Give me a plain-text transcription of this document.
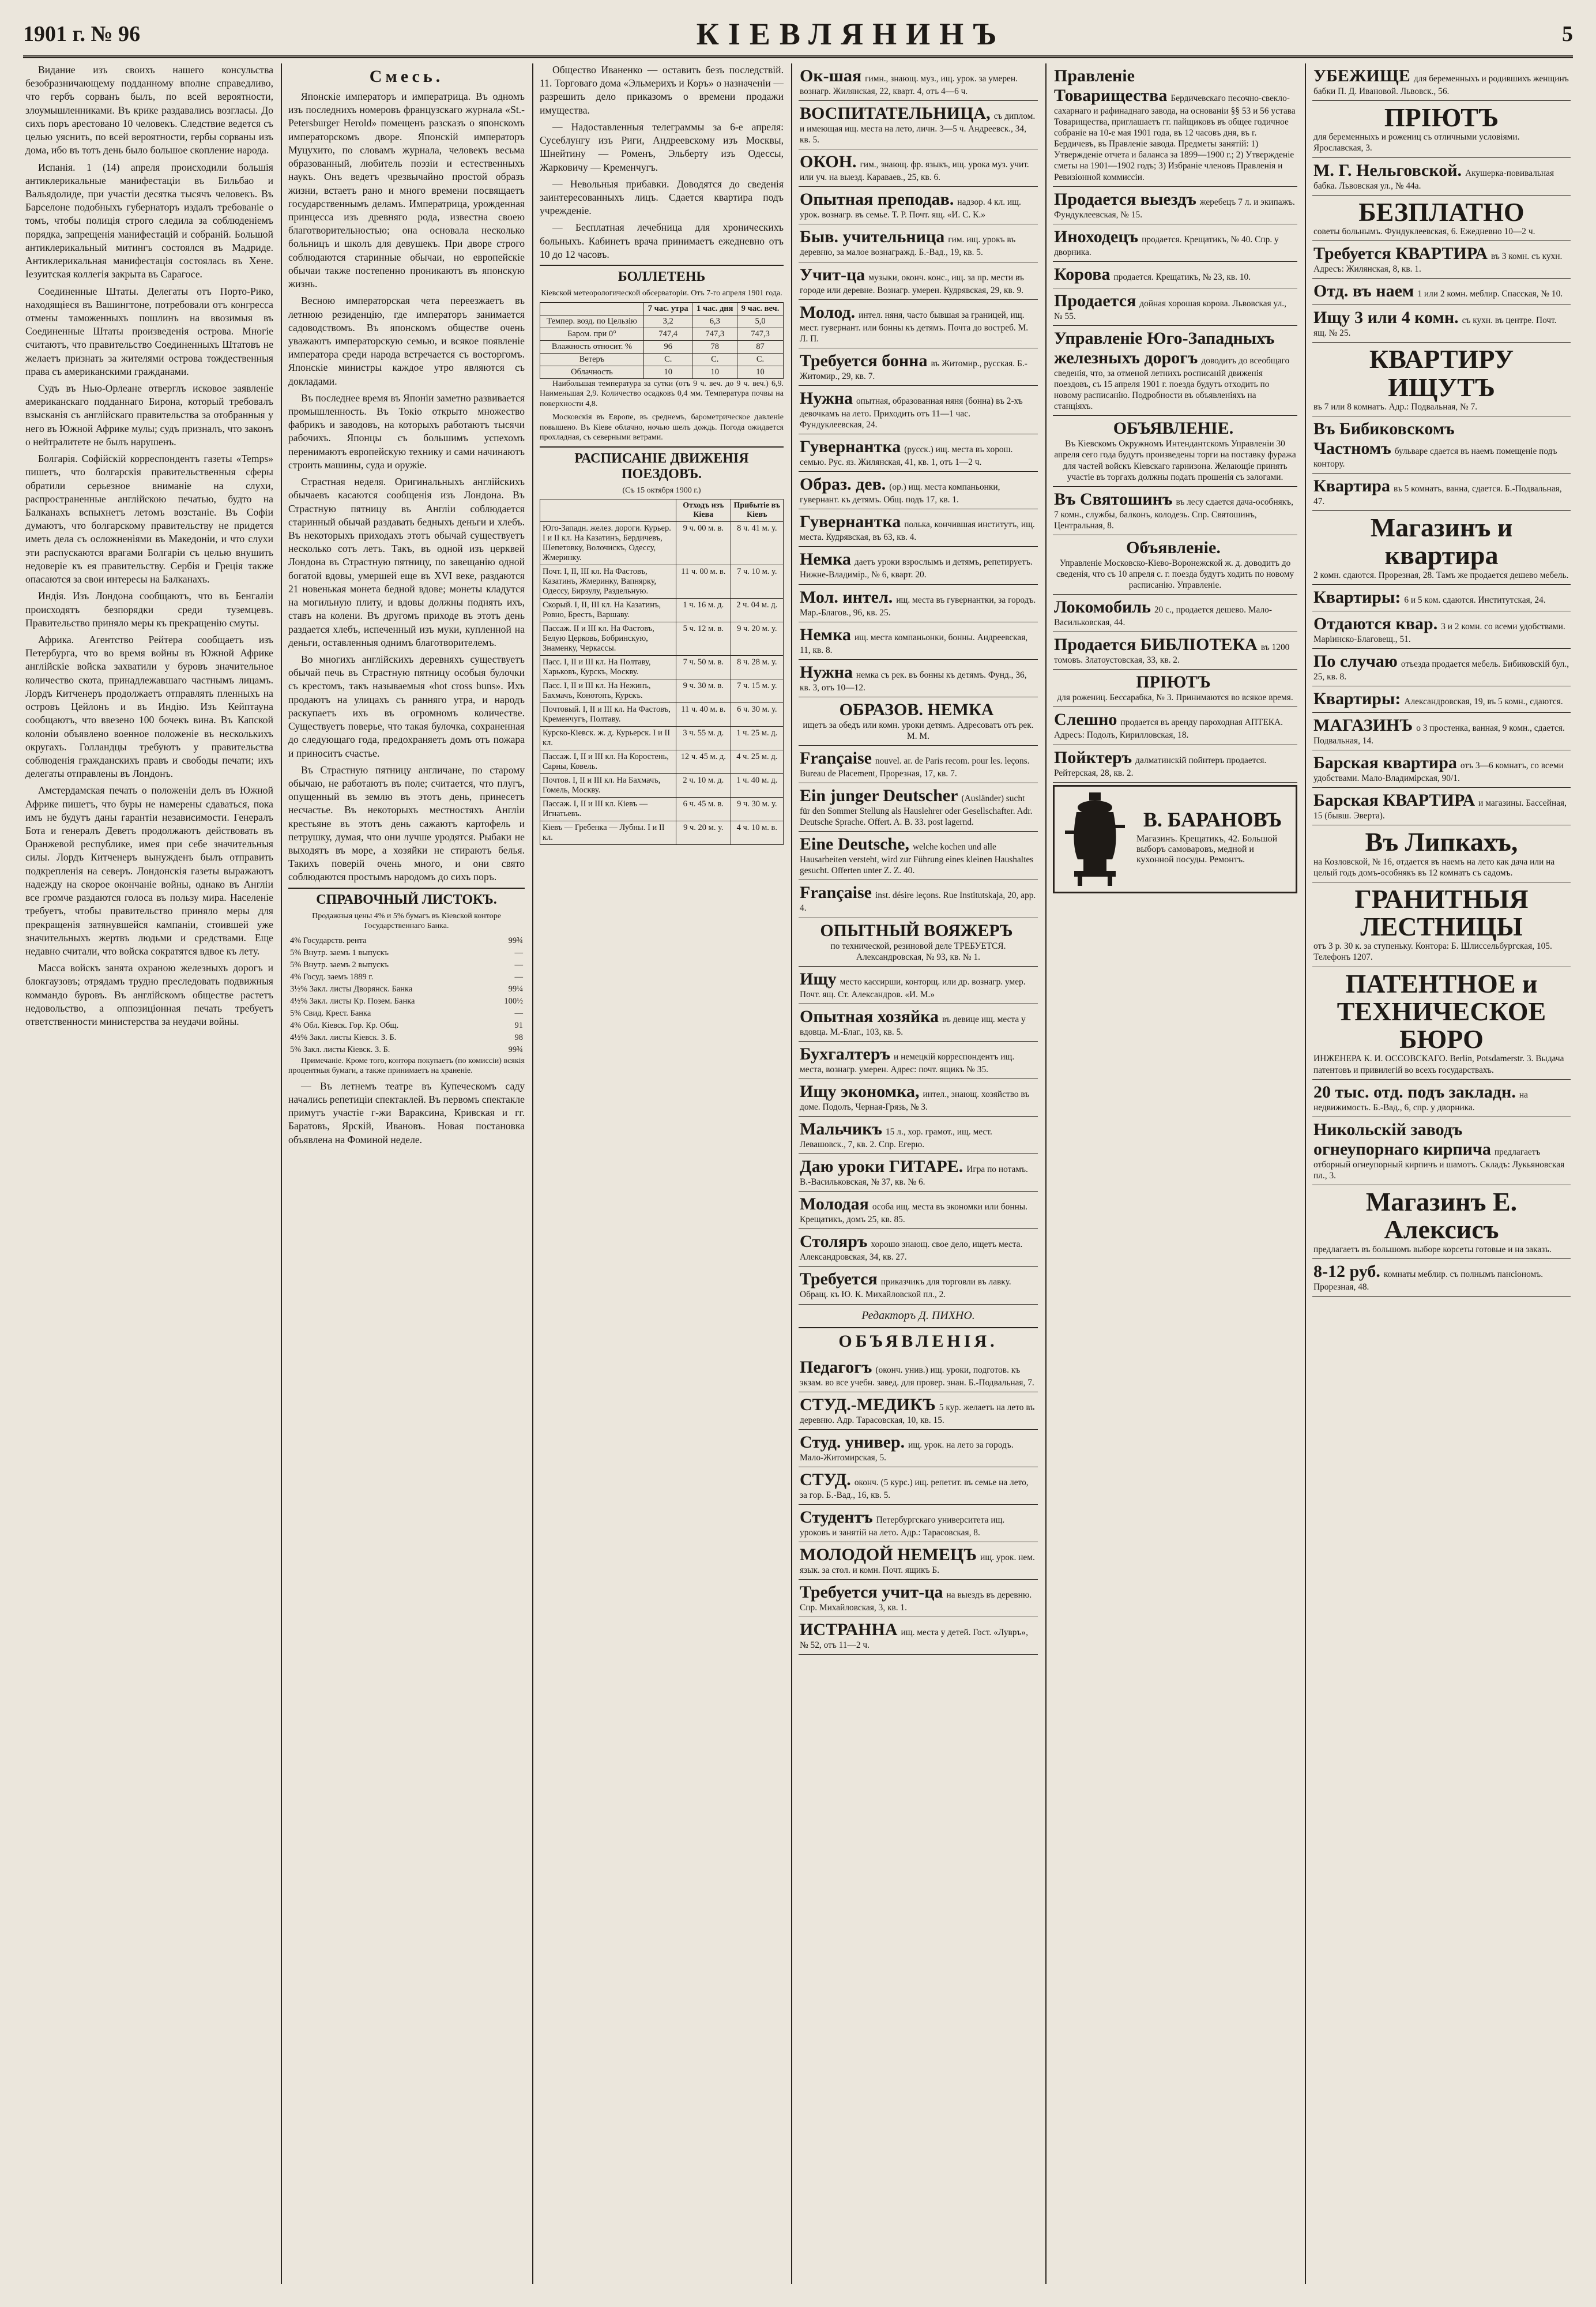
1901 г. № 96	КІЕВЛЯНИНЪ	5

Видание изъ своихъ нашего консульства безобразничающему подданному вполне справедливо, что гербъ сорванъ былъ, по всей вероятности, злоумышленниками. Въ крике раздавались возгласы. До сихъ поръ арестовано 10 человекъ. Следствие ведется съ целью уяснить, по всей вероятности, гербы сорваны изъ дома, ибо въ тотъ день было большое скопление народа.

Испанія. 1 (14) апреля происходили большія антиклерикальные манифестаціи въ Бильбао и Вальядолиде, при участіи десятка тысячъ человекъ. Въ Барселоне подобныхъ губернаторъ издалъ требованіе о томъ, чтобы полиція строго следила за соблюденіемъ порядка, запрещенія манифестацій и собраній. Большой антиклерикальный митингъ состоялся въ Мадриде. Антиклерикальная манифестація состоялась въ Хене. Іезуитская коллегія закрыта въ Сарагосе.

Соединенные Штаты. Делегаты отъ Порто-Рико, находящіеся въ Вашингтоне, потребовали отъ конгресса отмены таможенныхъ пошлинъ на ввозимыя въ Соединенные Штаты произведенія острова. Многіе считаютъ, что правительство Соединенныхъ Штатовъ не желаетъ признать за жителями острова тождественныя права съ американскими гражданами.

Судъ въ Нью-Орлеане отверглъ исковое заявленіе американскаго подданнаго Бирона, который требовалъ взысканія съ англійскаго правительства за отобранныя у него въ Южной Африке мулы; судъ призналъ, что законъ о нейтралитете не былъ нарушенъ.

Болгарія. Софійскій корреспондентъ газеты «Temps» пишетъ, что болгарскія правительственныя сферы обратили серьезное вниманіе на слухи, распространенные англійскою печатью, будто на Балканахъ вспыхнетъ летомъ возстаніе. Въ Софіи думаютъ, что болгарскому правительству не придется иметь дела съ осложненіями въ Македоніи, и что слухи эти распускаются врагами Болгаріи съ целью внушить недоверіе къ ея правительству. Сербія и Греція также опасаются за свои интересы на Балканахъ.

Индія. Изъ Лондона сообщаютъ, что въ Бенгаліи происходятъ безпорядки среди туземцевъ. Правительство приняло меры къ прекращенію смуты.

Африка. Агентство Рейтера сообщаетъ изъ Петербурга, что во время войны въ Южной Африке англійскіе войска захватили у буровъ значительное количество скота, принадлежавшаго частнымъ лицамъ. Лордъ Китченеръ продолжаетъ отправлять пленныхъ на островъ Цейлонъ и въ Индію. Изъ Кейптауна сообщаютъ, что ввезено 100 бочекъ вина. Въ Капской колоніи объявлено военное положеніе въ несколькихъ округахъ. Голландцы требуютъ у правительства соблюденія гражданскихъ правъ и свободы печати; ихъ делегаты отправлены въ Лондонъ.

Амстердамская печать о положеніи делъ въ Южной Африке пишетъ, что буры не намерены сдаваться, пока имъ не будутъ даны гарантіи независимости. Генералъ Бота и генералъ Деветъ продолжаютъ действовать въ Оранжевой республике, имея при себе значительныя силы. Лордъ Китченеръ вынужденъ былъ отправить подкрепленія на северъ. Лондонскія газеты выражаютъ надежду на скорое окончаніе войны, однако въ Англіи все громче раздаются голоса въ пользу мира. Населеніе требуетъ, чтобы правительство приняло меры для прекращенія затянувшейся кампаніи, стоившей уже значительныхъ жертвъ людьми и средствами. Еще недавно считали, что войска сократятся вдвое къ лету.

Масса войскъ занята охраною железныхъ дорогъ и блокгаузовъ; отрядамъ трудно преследовать подвижныя коммандо буровъ. Въ англійскомъ обществе растетъ недовольство, а оппозиціонная печать требуетъ ответственности министерства за неудачи войны.

Смесь.

Японскіе императоръ и императрица. Въ одномъ изъ последнихъ номеровъ французскаго журнала «St.-Petersburger Herold» помещенъ разсказъ о японскомъ императорскомъ дворе. Японскій императоръ Муцухито, по словамъ журнала, человекъ весьма образованный, любитель поэзіи и естественныхъ наукъ. Онъ ведетъ чрезвычайно простой образъ жизни, встаетъ рано и много времени посвящаетъ государственнымъ деламъ. Императрица, урожденная принцесса изъ древняго рода, известна своею благотворительностью; она основала несколько больницъ и школъ для девушекъ. При дворе строго соблюдаются старинные обычаи, но европейскіе обычаи также постепенно проникаютъ въ японскую жизнь.

Весною императорская чета переезжаетъ въ летнюю резиденцію, где императоръ занимается садоводствомъ. Въ японскомъ обществе очень уважаютъ императорскую семью, и всякое появленіе императора среди народа встречается съ восторгомъ. Японскіе министры каждое утро являются съ докладами.

Въ последнее время въ Японіи заметно развивается промышленность. Въ Токіо открыто множество фабрикъ и заводовъ, на которыхъ работаютъ тысячи рабочихъ. Японцы съ большимъ успехомъ перенимаютъ европейскую технику и сами начинаютъ строить машины, суда и оружіе.

Страстная неделя. Оригинальныхъ англійскихъ обычаевъ касаются сообщенія изъ Лондона. Въ Страстную пятницу въ Англіи соблюдается старинный обычай раздавать бедныхъ деньги и хлебъ. Въ некоторыхъ приходахъ этотъ обычай существуетъ несколько сотъ летъ. Такъ, въ одной изъ церквей Лондона въ Страстную пятницу, по завещанію одной богатой вдовы, умершей еще въ XVI веке, раздаются 21 новенькая монета бедной вдове; монеты кладутся на могильную плиту, и вдовы должны поднять ихъ, ставъ на колени. Въ другомъ приходе въ этотъ день раздается хлебъ, испеченный изъ муки, купленной на деньги, оставленныя однимъ благотворителемъ.

Во многихъ англійскихъ деревняхъ существуетъ обычай печь въ Страстную пятницу особыя булочки съ крестомъ, такъ называемыя «hot cross buns». Ихъ продаютъ на улицахъ съ ранняго утра, и народъ раскупаетъ ихъ въ огромномъ количестве. Существуетъ поверье, что такая булочка, сохраненная до следующаго года, предохраняетъ домъ отъ пожара и приноситъ счастье.

Въ Страстную пятницу англичане, по старому обычаю, не работаютъ въ поле; считается, что плугъ, опущенный въ землю въ этотъ день, принесетъ несчастье. Въ некоторыхъ местностяхъ Англіи крестьяне въ этотъ день сажаютъ картофель и петрушку, думая, что они лучше уродятся. Рыбаки не выходятъ въ море, а хозяйки не стираютъ белья. Такихъ поверій очень много, и они свято соблюдаются простымъ народомъ до сихъ поръ.

СПРАВОЧНЫЙ ЛИСТОКЪ.

Продажныя цены 4% и 5% бумагъ въ Кіевской конторе Государственнаго Банка.

4% Государств. рента	99¾
5% Внутр. заемъ 1 выпускъ	—
5% Внутр. заемъ 2 выпускъ	—
4% Госуд. заемъ 1889 г.	—
3½% Закл. листы Дворянск. Банка	99¼
4½% Закл. листы Кр. Позем. Банка	100½
5% Свид. Крест. Банка	—
4% Обл. Кіевск. Гор. Кр. Общ.	91
4½% Закл. листы Кіевск. З. Б.	98
5% Закл. листы Кіевск. З. Б.	99¾

Примечаніе. Кроме того, контора покупаетъ (по комиссіи) всякія процентныя бумаги, а также принимаетъ на храненіе.

— Въ летнемъ театре въ Купеческомъ саду начались репетиціи спектаклей. Въ первомъ спектакле примутъ участіе г-жи Вараксина, Кривская и гг. Баратовъ, Ярскій, Ивановъ. Новая постановка объявлена на Фоминой неделе.

Общество Иваненко — оставить безъ последствій. 11. Торговаго дома «Эльмерихъ и Коръ» о назначеніи — разрешить дело приказомъ о времени продажи имущества.

— Надоставленныя телеграммы за 6-е апреля: Сусеблунгу изъ Риги, Андреевскому изъ Москвы, Шнейтину — Роменъ, Эльберту изъ Одессы, Жарковичу — Кременчугъ.

— Невольныя прибавки. Доводятся до сведенія заинтересованныхъ лицъ. Сдается квартира подъ учрежденіе.

— Бесплатная лечебница для хроническихъ больныхъ. Кабинетъ врача принимаетъ ежедневно отъ 10 до 12 часовъ.

БОЛЛЕТЕНЬ

Кіевской метеорологической обсерваторіи. Отъ 7-го апреля 1901 года.

	7 час. утра	1 час. дня	9 час. веч.
Темпер. возд. по Цельзію	3,2	6,3	5,0
Баром. при 0°	747,4	747,3	747,3
Влажность относит. %	96	78	87
Ветеръ	С.	С.	С.
Облачность	10	10	10

Наибольшая температура за сутки (отъ 9 ч. веч. до 9 ч. веч.) 6,9. Наименьшая 2,9. Количество осадковъ 0,4 мм. Температура почвы на поверхности 4,8.

Московскія въ Европе, въ среднемъ, барометрическое давленіе повышено. Въ Кіеве облачно, ночью шелъ дождь. Погода ожидается прохладная, съ северными ветрами.

РАСПИСАНІЕ ДВИЖЕНІЯ ПОЕЗДОВЪ.

(Съ 15 октября 1900 г.)

	Отходъ изъ Кіева	Прибытіе въ Кіевъ
Юго-Западн. желез. дороги. Курьер. I и II кл. На Казатинъ, Бердичевъ, Шепетовку, Волочискъ, Одессу, Жмеринку.	9 ч. 00 м. в.	8 ч. 41 м. у.
Почт. I, II, III кл. На Фастовъ, Казатинъ, Жмеринку, Вапнярку, Одессу, Бирзулу, Раздельную.	11 ч. 00 м. в.	7 ч. 10 м. у.
Скорый. I, II, III кл. На Казатинъ, Ровно, Брестъ, Варшаву.	1 ч. 16 м. д.	2 ч. 04 м. д.
Пассаж. II и III кл. На Фастовъ, Белую Церковь, Бобринскую, Знаменку, Черкассы.	5 ч. 12 м. в.	9 ч. 20 м. у.
Пасс. I, II и III кл. На Полтаву, Харьковъ, Курскъ, Москву.	7 ч. 50 м. в.	8 ч. 28 м. у.
Пасс. I, II и III кл. На Нежинъ, Бахмачъ, Конотопъ, Курскъ.	9 ч. 30 м. в.	7 ч. 15 м. у.
Почтовый. I, II и III кл. На Фастовъ, Кременчугъ, Полтаву.	11 ч. 40 м. в.	6 ч. 30 м. у.
Курско-Кіевск. ж. д. Курьерск. I и II кл.	3 ч. 55 м. д.	1 ч. 25 м. д.
Пассаж. I, II и III кл. На Коростень, Сарны, Ковель.	12 ч. 45 м. д.	4 ч. 25 м. д.
Почтов. I, II и III кл. На Бахмачъ, Гомель, Москву.	2 ч. 10 м. д.	1 ч. 40 м. д.
Пассаж. I, II и III кл. Кіевъ — Игнатьевъ.	6 ч. 45 м. в.	9 ч. 30 м. у.
Кіевъ — Гребенка — Лубны. I и II кл.	9 ч. 20 м. у.	4 ч. 10 м. в.
Ок-шая гимн., знающ. муз., ищ. урок. за умерен. вознагр. Жилянская, 22, кварт. 4, отъ 4—6 ч.
ВОСПИТАТЕЛЬНИЦА, съ диплом. и имеющая ищ. места на лето, личн. 3—5 ч. Андреевск., 34, кв. 5.
ОКОН. гим., знающ. фр. языкъ, ищ. урока муз. учит. или уч. на выезд. Караваев., 25, кв. 6.
Опытная преподав. надзор. 4 кл. ищ. урок. вознагр. въ семье. Т. Р. Почт. ящ. «И. С. К.»
Быв. учительница гим. ищ. урокъ въ деревню, за малое вознагражд. Б.-Вад., 19, кв. 5.
Учит-ца музыки, оконч. конс., ищ. за пр. мести въ городе или деревне. Вознагр. умерен. Кудрявская, 29, кв. 9.
Молод. интел. няня, часто бывшая за границей, ищ. мест. гувернант. или бонны къ детямъ. Почта до востреб. М. Л. П.
Требуется бонна въ Житомир., русская. Б.-Житомир., 29, кв. 7.
Нужна опытная, образованная няня (бонна) въ 2-хъ девочкамъ на лето. Приходить отъ 11—1 час. Фундуклеевская, 24.
Гувернантка (русск.) ищ. места въ хорош. семью. Рус. яз. Жилянская, 41, кв. 1, отъ 1—2 ч.
Образ. дев. (ор.) ищ. места компаньонки, гувернант. къ детямъ. Общ. подъ 17, кв. 1.
Гувернантка полька, кончившая институтъ, ищ. места. Кудрявская, въ 63, кв. 4.
Немка даетъ уроки взрослымъ и детямъ, репетируетъ. Нижне-Владимір., № 6, кварт. 20.
Мол. интел. ищ. места въ гувернантки, за городъ. Мар.-Благов., 96, кв. 25.
Немка ищ. места компаньонки, бонны. Андреевская, 11, кв. 8.
Нужна немка съ рек. въ бонны къ детямъ. Фунд., 36, кв. 3, отъ 10—12.
ОБРАЗОВ. НЕМКА
ищетъ за обедъ или комн. уроки детямъ. Адресоватъ отъ рек. М. М.
Française nouvel. ar. de Paris recom. pour les. leçons. Bureau de Placement, Прорезная, 17, кв. 7.
Ein junger Deutscher (Ausländer) sucht für den Sommer Stellung als Hauslehrer oder Gesellschafter. Adr. Deutsche Sprache. Offert. A. B. 33. post lagernd.
Eine Deutsche, welche kochen und alle Hausarbeiten versteht, wird zur Führung eines kleinen Haushaltes gesucht. Offerten unter Z. Z. 40.
Française inst. désire leçons. Rue Institutskaja, 20, app. 4.
ОПЫТНЫЙ ВОЯЖЕРЪ
по технической, резиновой деле ТРЕБУЕТСЯ. Александровская, № 93, кв. № 1.
Ищу место кассирши, конторщ. или др. вознагр. умер. Почт. ящ. Ст. Александров. «И. М.»
Опытная хозяйка въ девице ищ. места у вдовца. М.-Благ., 103, кв. 5.
Бухгалтеръ и немецкій корреспондентъ ищ. места, вознагр. умерен. Адрес: почт. ящикъ № 35.
Ищу экономка, интел., знающ. хозяйство въ доме. Подолъ, Черная-Грязь, № 3.
Мальчикъ 15 л., хор. грамот., ищ. мест. Левашовск., 7, кв. 2. Спр. Егерю.
Даю уроки ГИТАРЕ. Игра по нотамъ. В.-Васильковская, № 37, кв. № 6.
Молодая особа ищ. места въ экономки или бонны. Крещатикъ, домъ 25, кв. 85.
Столяръ хорошо знающ. свое дело, ищетъ места. Александровская, 34, кв. 27.
Требуется приказчикъ для торговли въ лавку. Обращ. къ Ю. К. Михайловской пл., 2.
Редакторъ Д. ПИХНО.
ОБЪЯВЛЕНІЯ.
Педагогъ (оконч. унив.) ищ. уроки, подготов. къ экзам. во все учебн. завед. для провер. знан. Б.-Подвальная, 7.
СТУД.-МЕДИКЪ 5 кур. желаетъ на лето въ деревню. Адр. Тарасовская, 10, кв. 15.
Студ. универ. ищ. урок. на лето за городъ. Мало-Житомирская, 5.
СТУД. оконч. (5 курс.) ищ. репетит. въ семье на лето, за гор. Б.-Вад., 16, кв. 5.
Студентъ Петербургскаго университета ищ. уроковъ и занятій на лето. Адр.: Тарасовская, 8.
МОЛОДОЙ НЕМЕЦЪ ищ. урок. нем. язык. за стол. и комн. Почт. ящикъ Б.
Требуется учит-ца на выездъ въ деревню. Спр. Михайловская, 3, кв. 1.
ИСТРАННА ищ. места у детей. Гост. «Лувръ», № 52, отъ 11—2 ч.
Правленіе Товарищества Бердичевскаго песочно-свекло-сахарнаго и рафинаднаго завода, на основаніи §§ 53 и 56 устава Товарищества, приглашаетъ гг. пайщиковъ въ общее годичное собраніе на 10-е мая 1901 года, въ 12 часовъ дня, въ г. Бердичевъ, въ Правленіе завода. Предметы занятій: 1) Утвержденіе отчета и баланса за 1899—1900 г.; 2) Утвержденіе сметы на 1901—1902 годъ; 3) Избраніе членовъ Правленія и Ревизіонной коммиссіи.
Продается выездъ жеребецъ 7 л. и экипажъ. Фундуклеевская, № 15.
Иноходецъ продается. Крещатикъ, № 40. Спр. у дворника.
Корова продается. Крещатикъ, № 23, кв. 10.
Продается дойная хорошая корова. Львовская ул., № 55.
Управленіе Юго-Западныхъ железныхъ дорогъ доводитъ до всеобщаго сведенія, что, за отменой летнихъ росписаній движенія поездовъ, съ 15 апреля 1901 г. поезда будутъ отходить по новому расписанію. Подробности въ объявленіяхъ на станціяхъ.
ОБЪЯВЛЕНІЕ.
Въ Кіевскомъ Окружномъ Интендантскомъ Управленіи 30 апреля сего года будутъ произведены торги на поставку фуража для частей войскъ Кіевскаго гарнизона. Желающіе принять участіе въ торгахъ должны подать прошенія съ залогами.
Въ Святошинъ въ лесу сдается дача-особнякъ, 7 комн., службы, балконъ, колодезь. Спр. Святошинъ, Центральная, 8.
Объявленіе.
Управленіе Московско-Кіево-Воронежской ж. д. доводитъ до сведенія, что съ 10 апреля с. г. поезда будутъ ходить по новому расписанію. Управленіе.
Локомобиль 20 с., продается дешево. Мало-Васильковская, 44.
Продается БИБЛІОТЕКА въ 1200 томовъ. Златоустовская, 33, кв. 2.
ПРІЮТЪ
для рожениц. Бессарабка, № 3. Принимаются во всякое время.
Слешно продается въ аренду пароходная АПТЕКА. Адресъ: Подолъ, Кирилловская, 18.
Пойктеръ далматинскій пойнтеръ продается. Рейтерская, 28, кв. 2.
В. БАРАНОВЪ
Магазинъ. Крещатикъ, 42. Большой выборъ самоваровъ, медной и кухонной посуды. Ремонтъ.
УБЕЖИЩЕ для беременныхъ и родившихъ женщинъ бабки П. Д. Ивановой. Львовск., 56.
ПРІЮТЪ
для беременныхъ и рожениц съ отличными условіями. Ярославская, 3.
М. Г. Нельговской. Акушерка-повивальная бабка. Львовская ул., № 44а.
БЕЗПЛАТНО
советы больнымъ. Фундуклеевская, 6. Ежедневно 10—2 ч.
Требуется КВАРТИРА въ 3 комн. съ кухн. Адресъ: Жилянская, 8, кв. 1.
Отд. въ наем 1 или 2 комн. меблир. Спасская, № 10.
Ищу 3 или 4 комн. съ кухн. въ центре. Почт. ящ. № 25.
КВАРТИРУ ИЩУТЪ
въ 7 или 8 комнатъ. Адр.: Подвальная, № 7.
Въ Бибиковскомъ Частномъ бульваре сдается въ наемъ помещеніе подъ контору.
Квартира въ 5 комнатъ, ванна, сдается. Б.-Подвальная, 47.
Магазинъ и квартира
2 комн. сдаются. Прорезная, 28. Тамъ же продается дешево мебель.
Квартиры: 6 и 5 ком. сдаются. Институтская, 24.
Отдаются квар. 3 и 2 комн. со всеми удобствами. Маріинско-Благовещ., 51.
По случаю отъезда продается мебель. Бибиковскій бул., 25, кв. 8.
Квартиры: Александровская, 19, въ 5 комн., сдаются.
МАГАЗИНЪ о 3 простенка, ванная, 9 комн., сдается. Подвальная, 14.
Барская квартира отъ 3—6 комнатъ, со всеми удобствами. Мало-Владимірская, 90/1.
Барская КВАРТИРА и магазины. Бассейная, 15 (бывш. Эверта).
Въ Липкахъ,
на Козловской, № 16, отдается въ наемъ на лето как дача или на целый годъ домъ-особнякъ въ 12 комнатъ съ садомъ.
ГРАНИТНЫЯ ЛЕСТНИЦЫ
отъ 3 р. 30 к. за ступеньку. Контора: Б. Шлиссельбургская, 105. Телефонъ 1207.
ПАТЕНТНОЕ и ТЕХНИЧЕСКОЕ БЮРО
ИНЖЕНЕРА К. И. ОССОВСКАГО. Berlin, Potsdamerstr. 3. Выдача патентовъ и привилегій во всехъ государствахъ.
20 тыс. отд. подъ закладн. на недвижимость. Б.-Вад., 6, спр. у дворника.
Никольскій заводъ огнеупорнаго кирпича предлагаетъ отборный огнеупорный кирпичъ и шамотъ. Складъ: Лукьяновская пл., 3.
Магазинъ Е. Алексисъ
предлагаетъ въ большомъ выборе корсеты готовые и на заказъ.
8-12 руб. комнаты меблир. съ полнымъ пансіономъ. Прорезная, 48.
